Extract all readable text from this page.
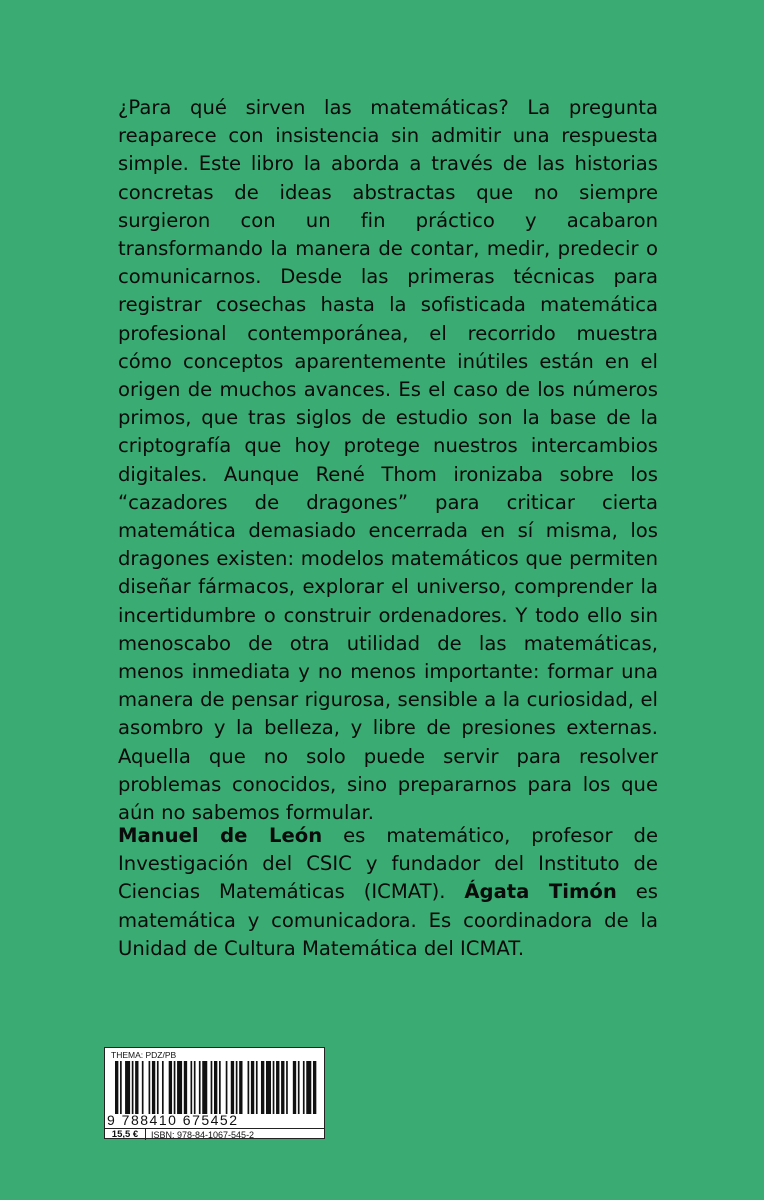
¿Para qué sirven las matemáticas? La pregunta reaparece con insistencia sin admitir una respuesta simple. Este libro la aborda a través de las historias concretas de ideas abstractas que no siempre surgieron con un fin práctico y acabaron transformando la manera de contar, medir, predecir o comunicarnos. Desde las primeras técnicas para registrar cosechas hasta la sofisticada matemática profesional contemporánea, el recorrido muestra cómo conceptos aparentemente inútiles están en el origen de muchos avances. Es el caso de los números primos, que tras siglos de estudio son la base de la criptografía que hoy protege nuestros intercambios digitales. Aunque René Thom ironizaba sobre los “cazadores de dragones” para criticar cierta matemática demasiado encerrada en sí misma, los dragones existen: modelos matemáticos que permiten diseñar fármacos, explorar el universo, comprender la incertidumbre o construir ordenadores. Y todo ello sin menoscabo de otra utilidad de las matemáticas, menos inmediata y no menos importante: formar una manera de pensar rigurosa, sensible a la curiosidad, el asombro y la belleza, y libre de presiones externas. Aquella que no solo puede servir para resolver problemas conocidos, sino prepararnos para los que aún no sabemos formular.

Manuel de León es matemático, profesor de Investigación del CSIC y fundador del Instituto de Ciencias Matemáticas (ICMAT). Ágata Timón es matemática y comunicadora. Es coordinadora de la Unidad de Cultura Matemática del ICMAT.
THEMA: PDZ/PB
9 788410 675452
15,5 €	ISBN: 978-84-1067-545-2
